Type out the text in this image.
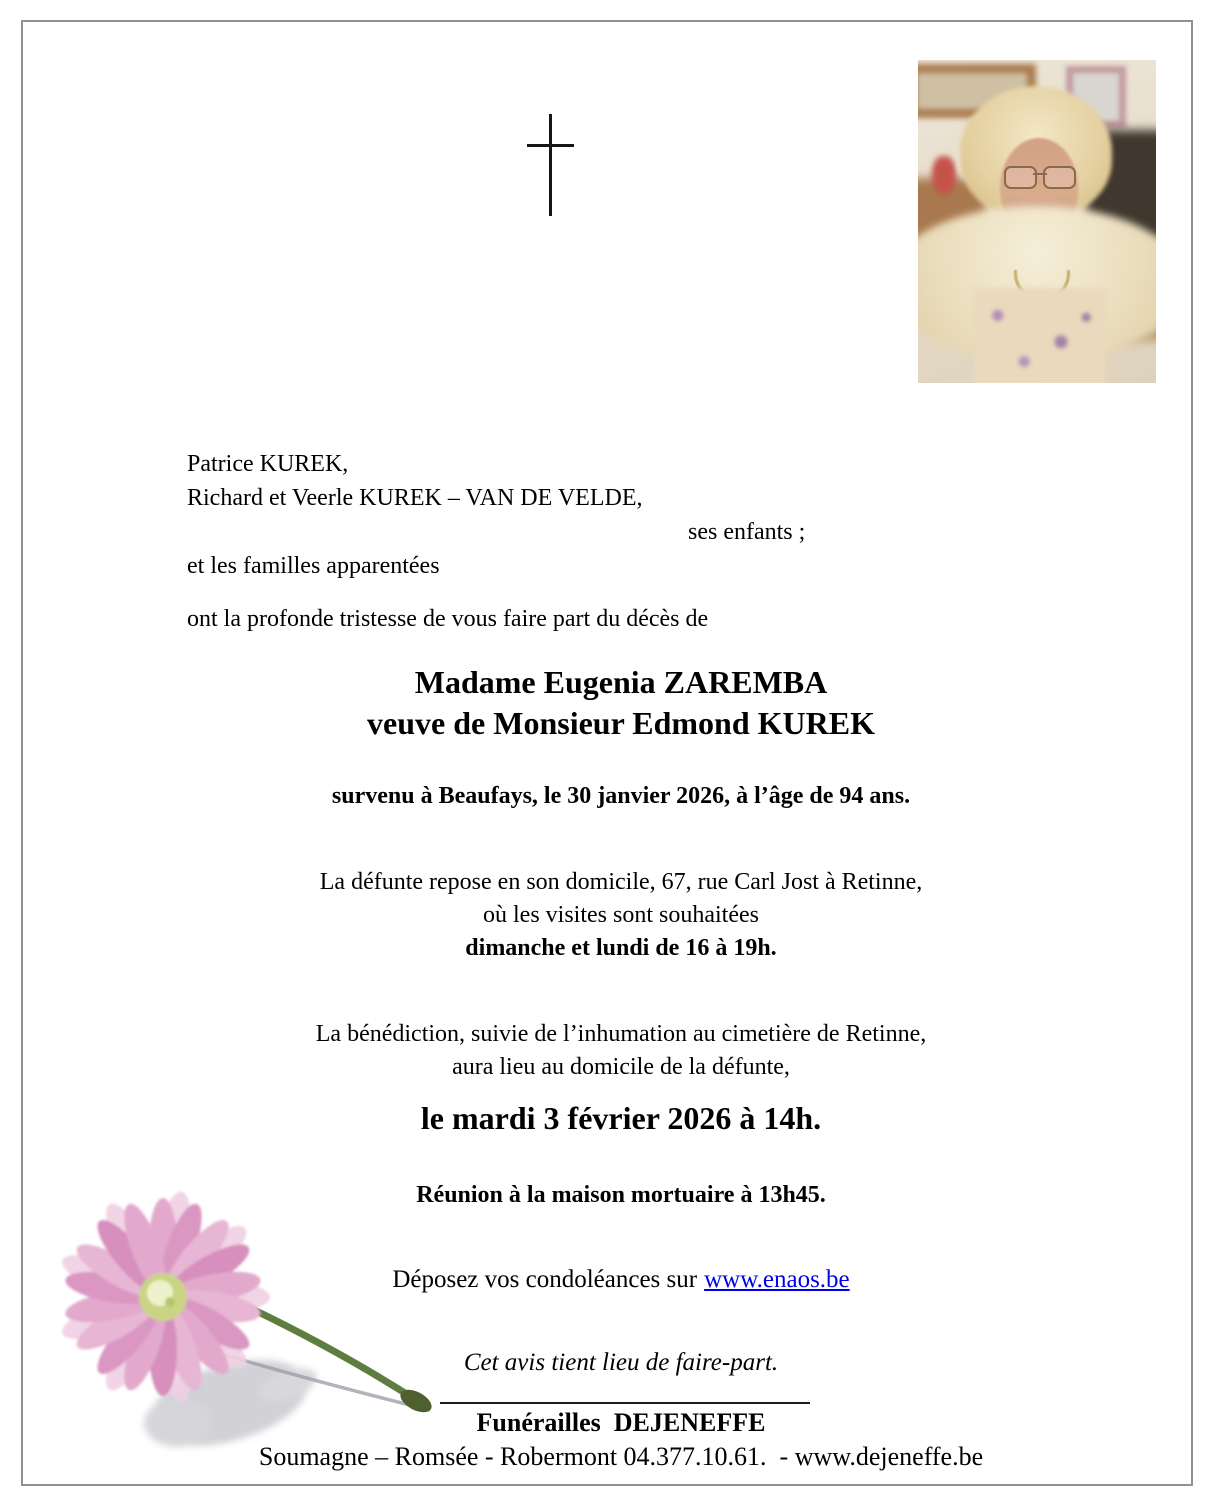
Patrice KUREK,
Richard et Veerle KUREK – VAN DE VELDE,
ses enfants ;
et les familles apparentées
ont la profonde tristesse de vous faire part du décès de
Madame Eugenia ZAREMBA
veuve de Monsieur Edmond KUREK
survenu à Beaufays, le 30 janvier 2026, à l’âge de 94 ans.
La défunte repose en son domicile, 67, rue Carl Jost à Retinne,
où les visites sont souhaitées
dimanche et lundi de 16 à 19h.
La bénédiction, suivie de l’inhumation au cimetière de Retinne,
aura lieu au domicile de la défunte,
le mardi 3 février 2026 à 14h.
Réunion à la maison mortuaire à 13h45.
Déposez vos condoléances sur www.enaos.be
Cet avis tient lieu de faire-part.
Funérailles  DEJENEFFE
Soumagne – Romsée - Robermont 04.377.10.61.  - www.dejeneffe.be
